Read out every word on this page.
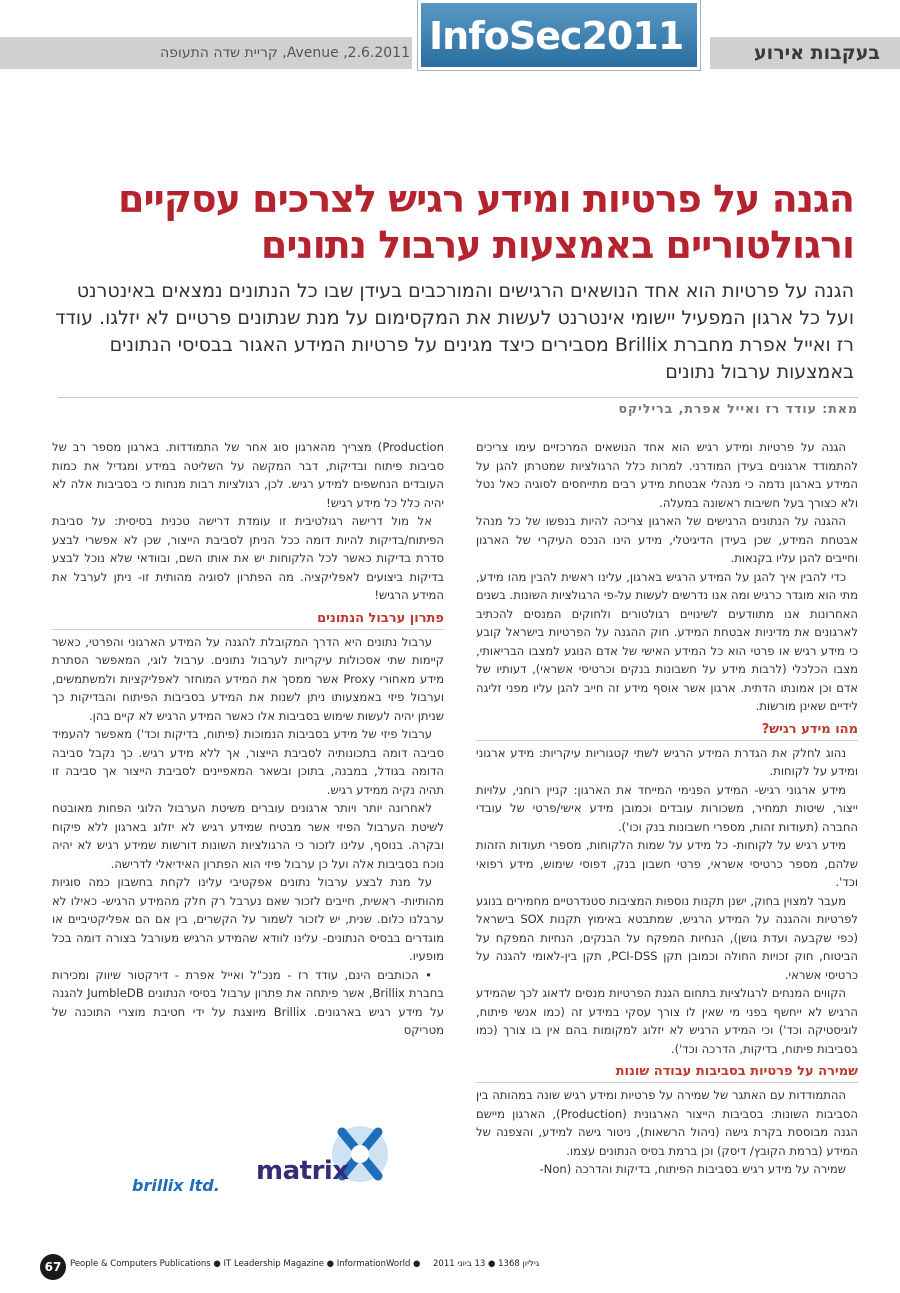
2.6.2011, Avenue, קריית שדה התעופה InfoSec2011	בעקבות אירוע
הגנה על פרטיות ומידע רגיש לצרכים עסקיים ורגולטוריים באמצעות ערבול נתונים
הגנה על פרטיות הוא אחד הנושאים הרגישים והמורכבים בעידן שבו כל הנתונים נמצאים באינטרנט ועל כל ארגון המפעיל יישומי אינטרנט לעשות את המקסימום על מנת שנתונים פרטיים לא יזלגו. עודד רז ואייל אפרת מחברת Brillix מסבירים כיצד מגינים על פרטיות המידע האגור בבסיסי הנתונים באמצעות ערבול נתונים
מאת: עודד רז ואייל אפרת, בריליקס

הגנה על פרטיות ומידע רגיש הוא אחד הנושאים המרכזיים עימו צריכים להתמודד ארגונים בעידן המודרני. למרות כלל הרגולציות שמטרתן להגן על המידע בארגון נדמה כי מנהלי אבטחת מידע רבים מתייחסים לסוגיה כאל נטל ולא כצורך בעל חשיבות ראשונה במעלה.

ההגנה על הנתונים הרגישים של הארגון צריכה להיות בנפשו של כל מנהל אבטחת המידע, שכן בעידן הדיגיטלי, מידע הינו הנכס העיקרי של הארגון וחייבים להגן עליו בקנאות.

כדי להבין איך להגן על המידע הרגיש בארגון, עלינו ראשית להבין מהו מידע, מתי הוא מוגדר כרגיש ומה אנו נדרשים לעשות על-פי הרגולציות השונות. בשנים האחרונות אנו מתוודעים לשינויים רגולטורים ולחוקים המנסים להכתיב לארגונים את מדיניות אבטחת המידע. חוק ההגנה על הפרטיות בישראל קובע כי מידע רגיש או פרטי הוא כל המידע האישי של אדם הנוגע למצבו הבריאותי, מצבו הכלכלי (לרבות מידע על חשבונות בנקים וכרטיסי אשראי), דעותיו של אדם וכן אמונתו הדתית. ארגון אשר אוסף מידע זה חייב להגן עליו מפני זליגה לידיים שאינן מורשות.

מהו מידע רגיש?

נהוג לחלק את הגדרת המידע הרגיש לשתי קטגוריות עיקריות: מידע ארגוני ומידע על לקוחות.

מידע ארגוני רגיש- המידע הפנימי המייחד את הארגון: קניין רוחני, עלויות ייצור, שיטות תמחיר, משכורות עובדים וכמובן מידע אישי/פרטי של עובדי החברה (תעודות זהות, מספרי חשבונות בנק וכו').

מידע רגיש על לקוחות- כל מידע על שמות הלקוחות, מספרי תעודות הזהות שלהם, מספר כרטיסי אשראי, פרטי חשבון בנק, דפוסי שימוש, מידע רפואי וכד'.

מעבר למצוין בחוק, ישנן תקנות נוספות המציבות סטנדרטיים מחמירים בנוגע לפרטיות וההגנה על המידע הרגיש, שמתבטא באימוץ תקנות SOX בישראל (כפי שקבעה ועדת גושן), הנחיות המפקח על הבנקים, הנחיות המפקח על הביטוח, חוק זכויות החולה וכמובן תקן PCI-DSS, תקן בין-לאומי להגנה על כרטיסי אשראי.

הקווים המנחים לרגולציות בתחום הגנת הפרטיות מנסים לדאוג לכך שהמידע הרגיש לא ייחשף בפני מי שאין לו צורך עסקי במידע זה (כמו אנשי פיתוח, לוגיסטיקה וכד') וכי המידע הרגיש לא יזלוג למקומות בהם אין בו צורך (כמו בסביבות פיתוח, בדיקות, הדרכה וכד').

שמירה על פרטיות בסביבות עבודה שונות

ההתמודדות עם האתגר של שמירה על פרטיות ומידע רגיש שונה במהותה בין הסביבות השונות: בסביבות הייצור הארגונית (Production), הארגון מיישם הגנה מבוססת בקרת גישה (ניהול הרשאות), ניטור גישה למידע, והצפנה של המידע (ברמת הקובץ/ דיסק) וכן ברמת בסיס הנתונים עצמו.

שמירה על מידע רגיש בסביבות הפיתוח, בדיקות והדרכה (Non-

Production) מצריך מהארגון סוג אחר של התמודדות. בארגון מספר רב של סביבות פיתוח ובדיקות, דבר המקשה על השליטה במידע ומגדיל את כמות העובדים הנחשפים למידע רגיש. לכן, רגולציות רבות מנחות כי בסביבות אלה לא יהיה כלל כל מידע רגיש!

אל מול דרישה רגולטיבית זו עומדת דרישה טכנית בסיסית: על סביבת הפיתוח/בדיקות להיות דומה ככל הניתן לסביבת הייצור, שכן לא אפשרי לבצע סדרת בדיקות כאשר לכל הלקוחות יש את אותו השם, ובוודאי שלא נוכל לבצע בדיקות ביצועים לאפליקציה. מה הפתרון לסוגיה מהותית זו- ניתן לערבל את המידע הרגיש!

פתרון ערבול הנתונים

ערבול נתונים היא הדרך המקובלת להגנה על המידע הארגוני והפרטי, כאשר קיימות שתי אסכולות עיקריות לערבול נתונים. ערבול לוגי, המאפשר הסתרת מידע מאחורי Proxy אשר ממסך את המידע המוחזר לאפליקציות ולמשתמשים, וערבול פיזי באמצעותו ניתן לשנות את המידע בסביבות הפיתוח והבדיקות כך שניתן יהיה לעשות שימוש בסביבות אלו כאשר המידע הרגיש לא קיים בהן.

ערבול פיזי של מידע בסביבות הנמוכות (פיתוח, בדיקות וכד') מאפשר להעמיד סביבה דומה בתכונותיה לסביבת הייצור, אך ללא מידע רגיש. כך נקבל סביבה הדומה בגודל, במבנה, בתוכן ובשאר המאפיינים לסביבת הייצור אך סביבה זו תהיה נקיה ממידע רגיש.

לאחרונה יותר ויותר ארגונים עוברים משיטת הערבול הלוגי הפחות מאובטח לשיטת הערבול הפיזי אשר מבטיח שמידע רגיש לא יזלוג בארגון ללא פיקוח ובקרה. בנוסף, עלינו לזכור כי הרגולציות השונות דורשות שמידע רגיש לא יהיה נוכח בסביבות אלה ועל כן ערבול פיזי הוא הפתרון האידיאלי לדרישה.

על מנת לבצע ערבול נתונים אפקטיבי עלינו לקחת בחשבון כמה סוגיות מהותיות- ראשית, חייבים לזכור שאם נערבל רק חלק מהמידע הרגיש- כאילו לא ערבלנו כלום. שנית, יש לזכור לשמור על הקשרים, בין אם הם אפליקטיביים או מוגדרים בבסיס הנתונים- עלינו לוודא שהמידע הרגיש מעורבל בצורה דומה בכל מופעיו.

• הכותבים הינם, עודד רז - מנכ"ל ואייל אפרת - דירקטור שיווק ומכירות בחברת Brillix, אשר פיתחה את פתרון ערבול בסיסי הנתונים JumbleDB להגנה על מידע רגיש בארגונים. Brillix מיוצגת על ידי חטיבת מוצרי התוכנה של מטריקס

matrix
brillix ltd.
67	People & Computers Publications ● IT Leadership Magazine ● InformationWorld ● גיליון 1368 ● 13 ביוני 2011
